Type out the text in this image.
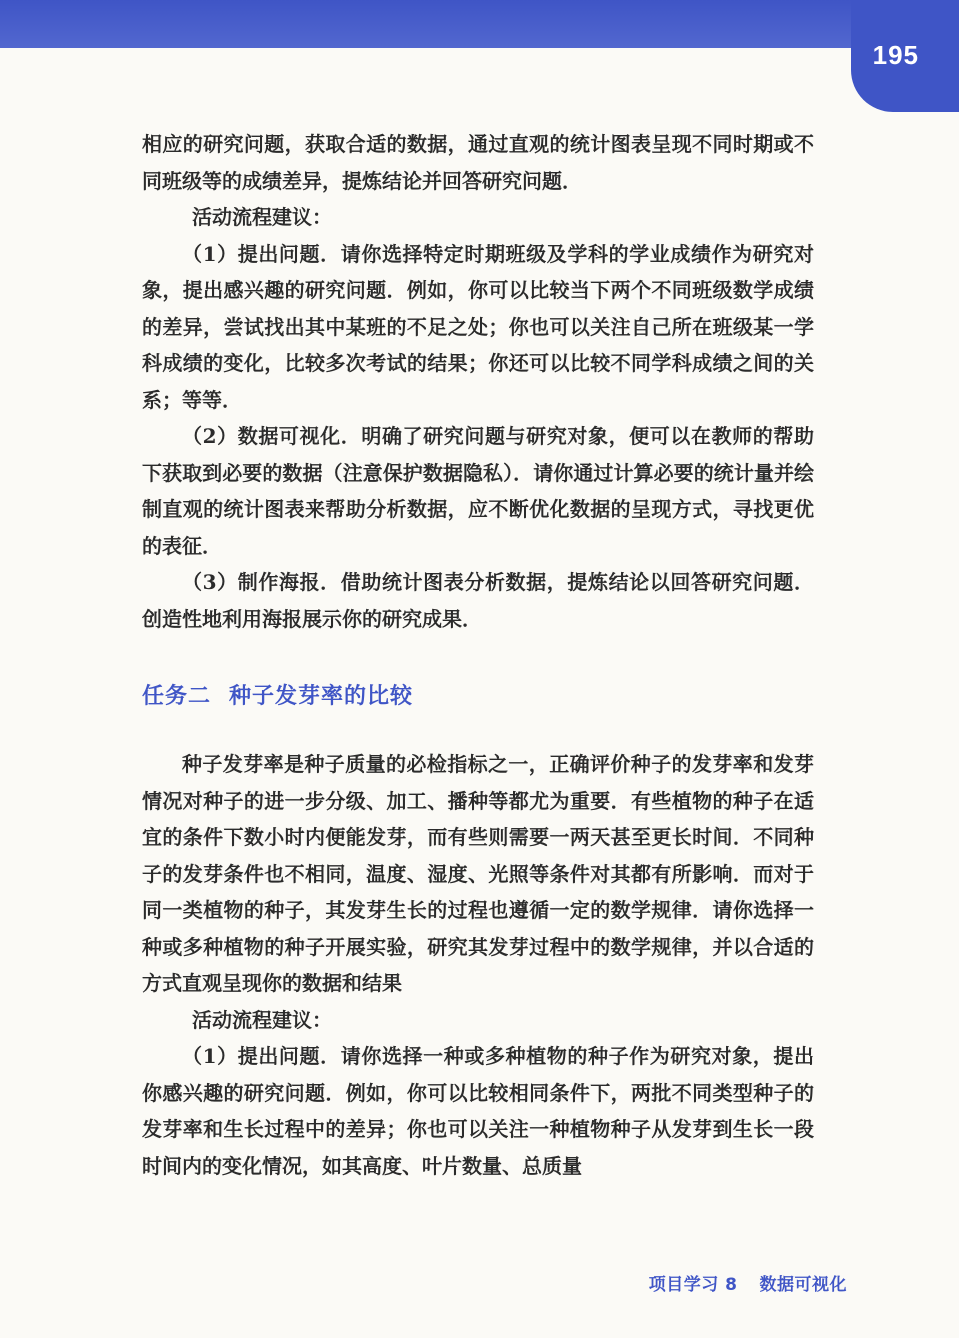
195

相应的研究问题，获取合适的数据，通过直观的统计图表呈现不同时期或不同班级等的成绩差异，提炼结论并回答研究问题．

活动流程建议：

（1）提出问题．请你选择特定时期班级及学科的学业成绩作为研究对象，提出感兴趣的研究问题．例如，你可以比较当下两个不同班级数学成绩的差异，尝试找出其中某班的不足之处；你也可以关注自己所在班级某一学科成绩的变化，比较多次考试的结果；你还可以比较不同学科成绩之间的关系；等等．

（2）数据可视化．明确了研究问题与研究对象，便可以在教师的帮助下获取到必要的数据（注意保护数据隐私）．请你通过计算必要的统计量并绘制直观的统计图表来帮助分析数据，应不断优化数据的呈现方式，寻找更优的表征．

（3）制作海报．借助统计图表分析数据，提炼结论以回答研究问题．创造性地利用海报展示你的研究成果．

任务二 种子发芽率的比较

种子发芽率是种子质量的必检指标之一，正确评价种子的发芽率和发芽情况对种子的进一步分级、加工、播种等都尤为重要．有些植物的种子在适宜的条件下数小时内便能发芽，而有些则需要一两天甚至更长时间．不同种子的发芽条件也不相同，温度、湿度、光照等条件对其都有所影响．而对于同一类植物的种子，其发芽生长的过程也遵循一定的数学规律．请你选择一种或多种植物的种子开展实验，研究其发芽过程中的数学规律，并以合适的方式直观呈现你的数据和结果

活动流程建议：

（1）提出问题．请你选择一种或多种植物的种子作为研究对象，提出你感兴趣的研究问题．例如，你可以比较相同条件下，两批不同类型种子的发芽率和生长过程中的差异；你也可以关注一种植物种子从发芽到生长一段时间内的变化情况，如其高度、叶片数量、总质量

项目学习 8 数据可视化
